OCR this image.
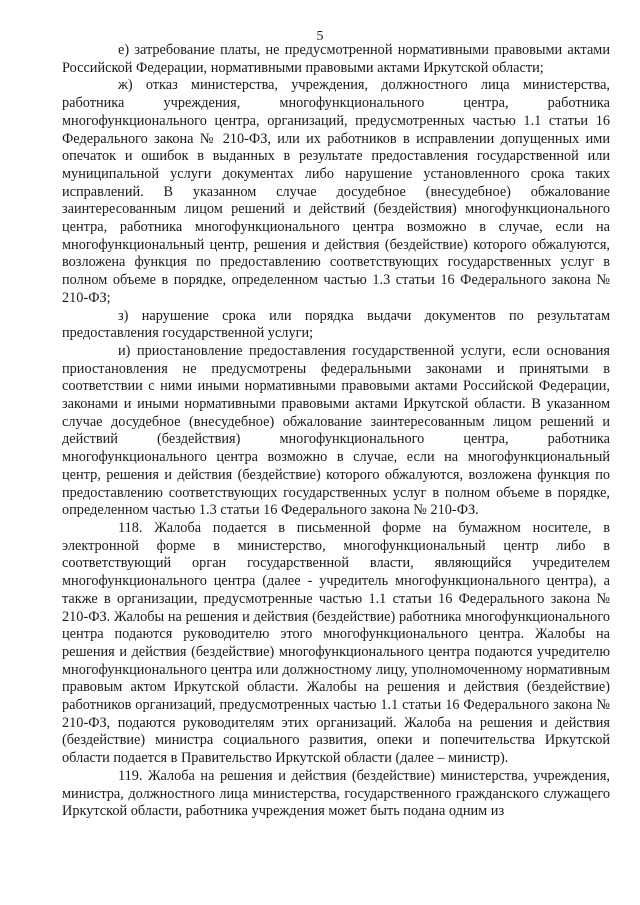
5

е) затребование платы, не предусмотренной нормативными правовыми актами Российской Федерации, нормативными правовыми актами Иркутской области;

ж) отказ министерства, учреждения, должностного лица министерства, работника учреждения, многофункционального центра, работника многофункционального центра, организаций, предусмотренных частью 1.1 статьи 16 Федерального закона № 210-ФЗ, или их работников в исправлении допущенных ими опечаток и ошибок в выданных в результате предоставления государственной или муниципальной услуги документах либо нарушение установленного срока таких исправлений. В указанном случае досудебное (внесудебное) обжалование заинтересованным лицом решений и действий (бездействия) многофункционального центра, работника многофункционального центра возможно в случае, если на многофункциональный центр, решения и действия (бездействие) которого обжалуются, возложена функция по предоставлению соответствующих государственных услуг в полном объеме в порядке, определенном частью 1.3 статьи 16 Федерального закона № 210-ФЗ;

з) нарушение срока или порядка выдачи документов по результатам предоставления государственной услуги;

и) приостановление предоставления государственной услуги, если основания приостановления не предусмотрены федеральными законами и принятыми в соответствии с ними иными нормативными правовыми актами Российской Федерации, законами и иными нормативными правовыми актами Иркутской области. В указанном случае досудебное (внесудебное) обжалование заинтересованным лицом решений и действий (бездействия) многофункционального центра, работника многофункционального центра возможно в случае, если на многофункциональный центр, решения и действия (бездействие) которого обжалуются, возложена функция по предоставлению соответствующих государственных услуг в полном объеме в порядке, определенном частью 1.3 статьи 16 Федерального закона № 210-ФЗ.

118. Жалоба подается в письменной форме на бумажном носителе, в электронной форме в министерство, многофункциональный центр либо в соответствующий орган государственной власти, являющийся учредителем многофункционального центра (далее - учредитель многофункционального центра), а также в организации, предусмотренные частью 1.1 статьи 16 Федерального закона № 210-ФЗ. Жалобы на решения и действия (бездействие) работника многофункционального центра подаются руководителю этого многофункционального центра. Жалобы на решения и действия (бездействие) многофункционального центра подаются учредителю многофункционального центра или должностному лицу, уполномоченному нормативным правовым актом Иркутской области. Жалобы на решения и действия (бездействие) работников организаций, предусмотренных частью 1.1 статьи 16 Федерального закона № 210-ФЗ, подаются руководителям этих организаций. Жалоба на решения и действия (бездействие) министра социального развития, опеки и попечительства Иркутской области подается в Правительство Иркутской области (далее – министр).

119. Жалоба на решения и действия (бездействие) министерства, учреждения, министра, должностного лица министерства, государственного гражданского служащего Иркутской области, работника учреждения может быть подана одним из
